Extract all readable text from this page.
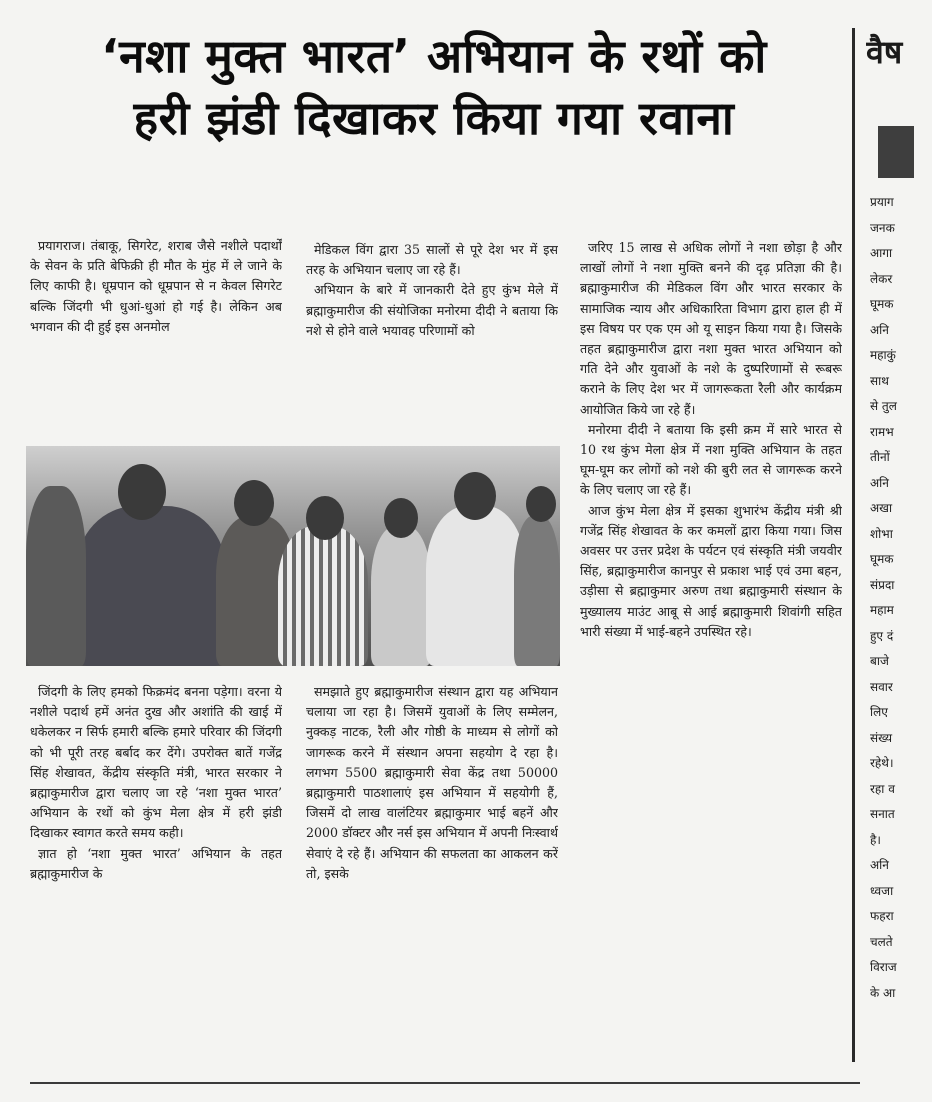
‘नशा मुक्त भारत’ अभियान के रथों को
हरी झंडी दिखाकर किया गया रवाना

प्रयागराज। तंबाकू, सिगरेट, शराब जैसे नशीले पदार्थों के सेवन के प्रति बेफिक्री ही मौत के मुंह में ले जाने के लिए काफी है। धूम्रपान को धूम्रपान से न केवल सिगरेट बल्कि जिंदगी भी धुआं-धुआं हो गई है। लेकिन अब भगवान की दी हुई इस अनमोल

मेडिकल विंग द्वारा 35 सालों से पूरे देश भर में इस तरह के अभियान चलाए जा रहे हैं।

अभियान के बारे में जानकारी देते हुए कुंभ मेले में ब्रह्माकुमारीज की संयोजिका मनोरमा दीदी ने बताया कि नशे से होने वाले भयावह परिणामों को

जरिए 15 लाख से अधिक लोगों ने नशा छोड़ा है और लाखों लोगों ने नशा मुक्ति बनने की दृढ़ प्रतिज्ञा की है। ब्रह्माकुमारीज की मेडिकल विंग और भारत सरकार के सामाजिक न्याय और अधिकारिता विभाग द्वारा हाल ही में इस विषय पर एक एम ओ यू साइन किया गया है। जिसके तहत ब्रह्माकुमारीज द्वारा नशा मुक्त भारत अभियान को गति देने और युवाओं के नशे के दुष्परिणामों से रूबरू कराने के लिए देश भर में जागरूकता रैली और कार्यक्रम आयोजित किये जा रहे हैं।

मनोरमा दीदी ने बताया कि इसी क्रम में सारे भारत से 10 रथ कुंभ मेला क्षेत्र में नशा मुक्ति अभियान के तहत घूम-घूम कर लोगों को नशे की बुरी लत से जागरूक करने के लिए चलाए जा रहे हैं।

आज कुंभ मेला क्षेत्र में इसका शुभारंभ केंद्रीय मंत्री श्री गजेंद्र सिंह शेखावत के कर कमलों द्वारा किया गया। जिस अवसर पर उत्तर प्रदेश के पर्यटन एवं संस्कृति मंत्री जयवीर सिंह, ब्रह्माकुमारीज कानपुर से प्रकाश भाई एवं उमा बहन, उड़ीसा से ब्रह्माकुमार अरुण तथा ब्रह्माकुमारी संस्थान के मुख्यालय माउंट आबू से आई ब्रह्माकुमारी शिवांगी सहित भारी संख्या में भाई-बहने उपस्थित रहे।

जिंदगी के लिए हमको फिक्रमंद बनना पड़ेगा। वरना ये नशीले पदार्थ हमें अनंत दुख और अशांति की खाई में धकेलकर न सिर्फ हमारी बल्कि हमारे परिवार की जिंदगी को भी पूरी तरह बर्बाद कर देंगे। उपरोक्त बातें गजेंद्र सिंह शेखावत, केंद्रीय संस्कृति मंत्री, भारत सरकार ने ब्रह्माकुमारीज द्वारा चलाए जा रहे ‘नशा मुक्त भारत’ अभियान के रथों को कुंभ मेला क्षेत्र में हरी झंडी दिखाकर स्वागत करते समय कही।

ज्ञात हो ‘नशा मुक्त भारत’ अभियान के तहत ब्रह्माकुमारीज के

समझाते हुए ब्रह्माकुमारीज संस्थान द्वारा यह अभियान चलाया जा रहा है। जिसमें युवाओं के लिए सम्मेलन, नुक्कड़ नाटक, रैली और गोष्ठी के माध्यम से लोगों को जागरूक करने में संस्थान अपना सहयोग दे रहा है। लगभग 5500 ब्रह्माकुमारी सेवा केंद्र तथा 50000 ब्रह्माकुमारी पाठशालाएं इस अभियान में सहयोगी हैं, जिसमें दो लाख वालंटियर ब्रह्माकुमार भाई बहनें और 2000 डॉक्टर और नर्स इस अभियान में अपनी निःस्वार्थ सेवाएं दे रहे हैं। अभियान की सफलता का आकलन करें तो, इसके

वैष
प्रयाग
जनक
आगा
लेकर
घूमक
अनि
महाकुं
साथ
से तुल
रामभ
तीनों
अनि
अखा
शोभा
घूमक
संप्रदा
महाम
हुए दं
बाजे
सवार
लिए
संख्य
रहेथे।
रहा व
सनात
है।
अनि
ध्वजा
फहरा
चलते
विराज
के आ
